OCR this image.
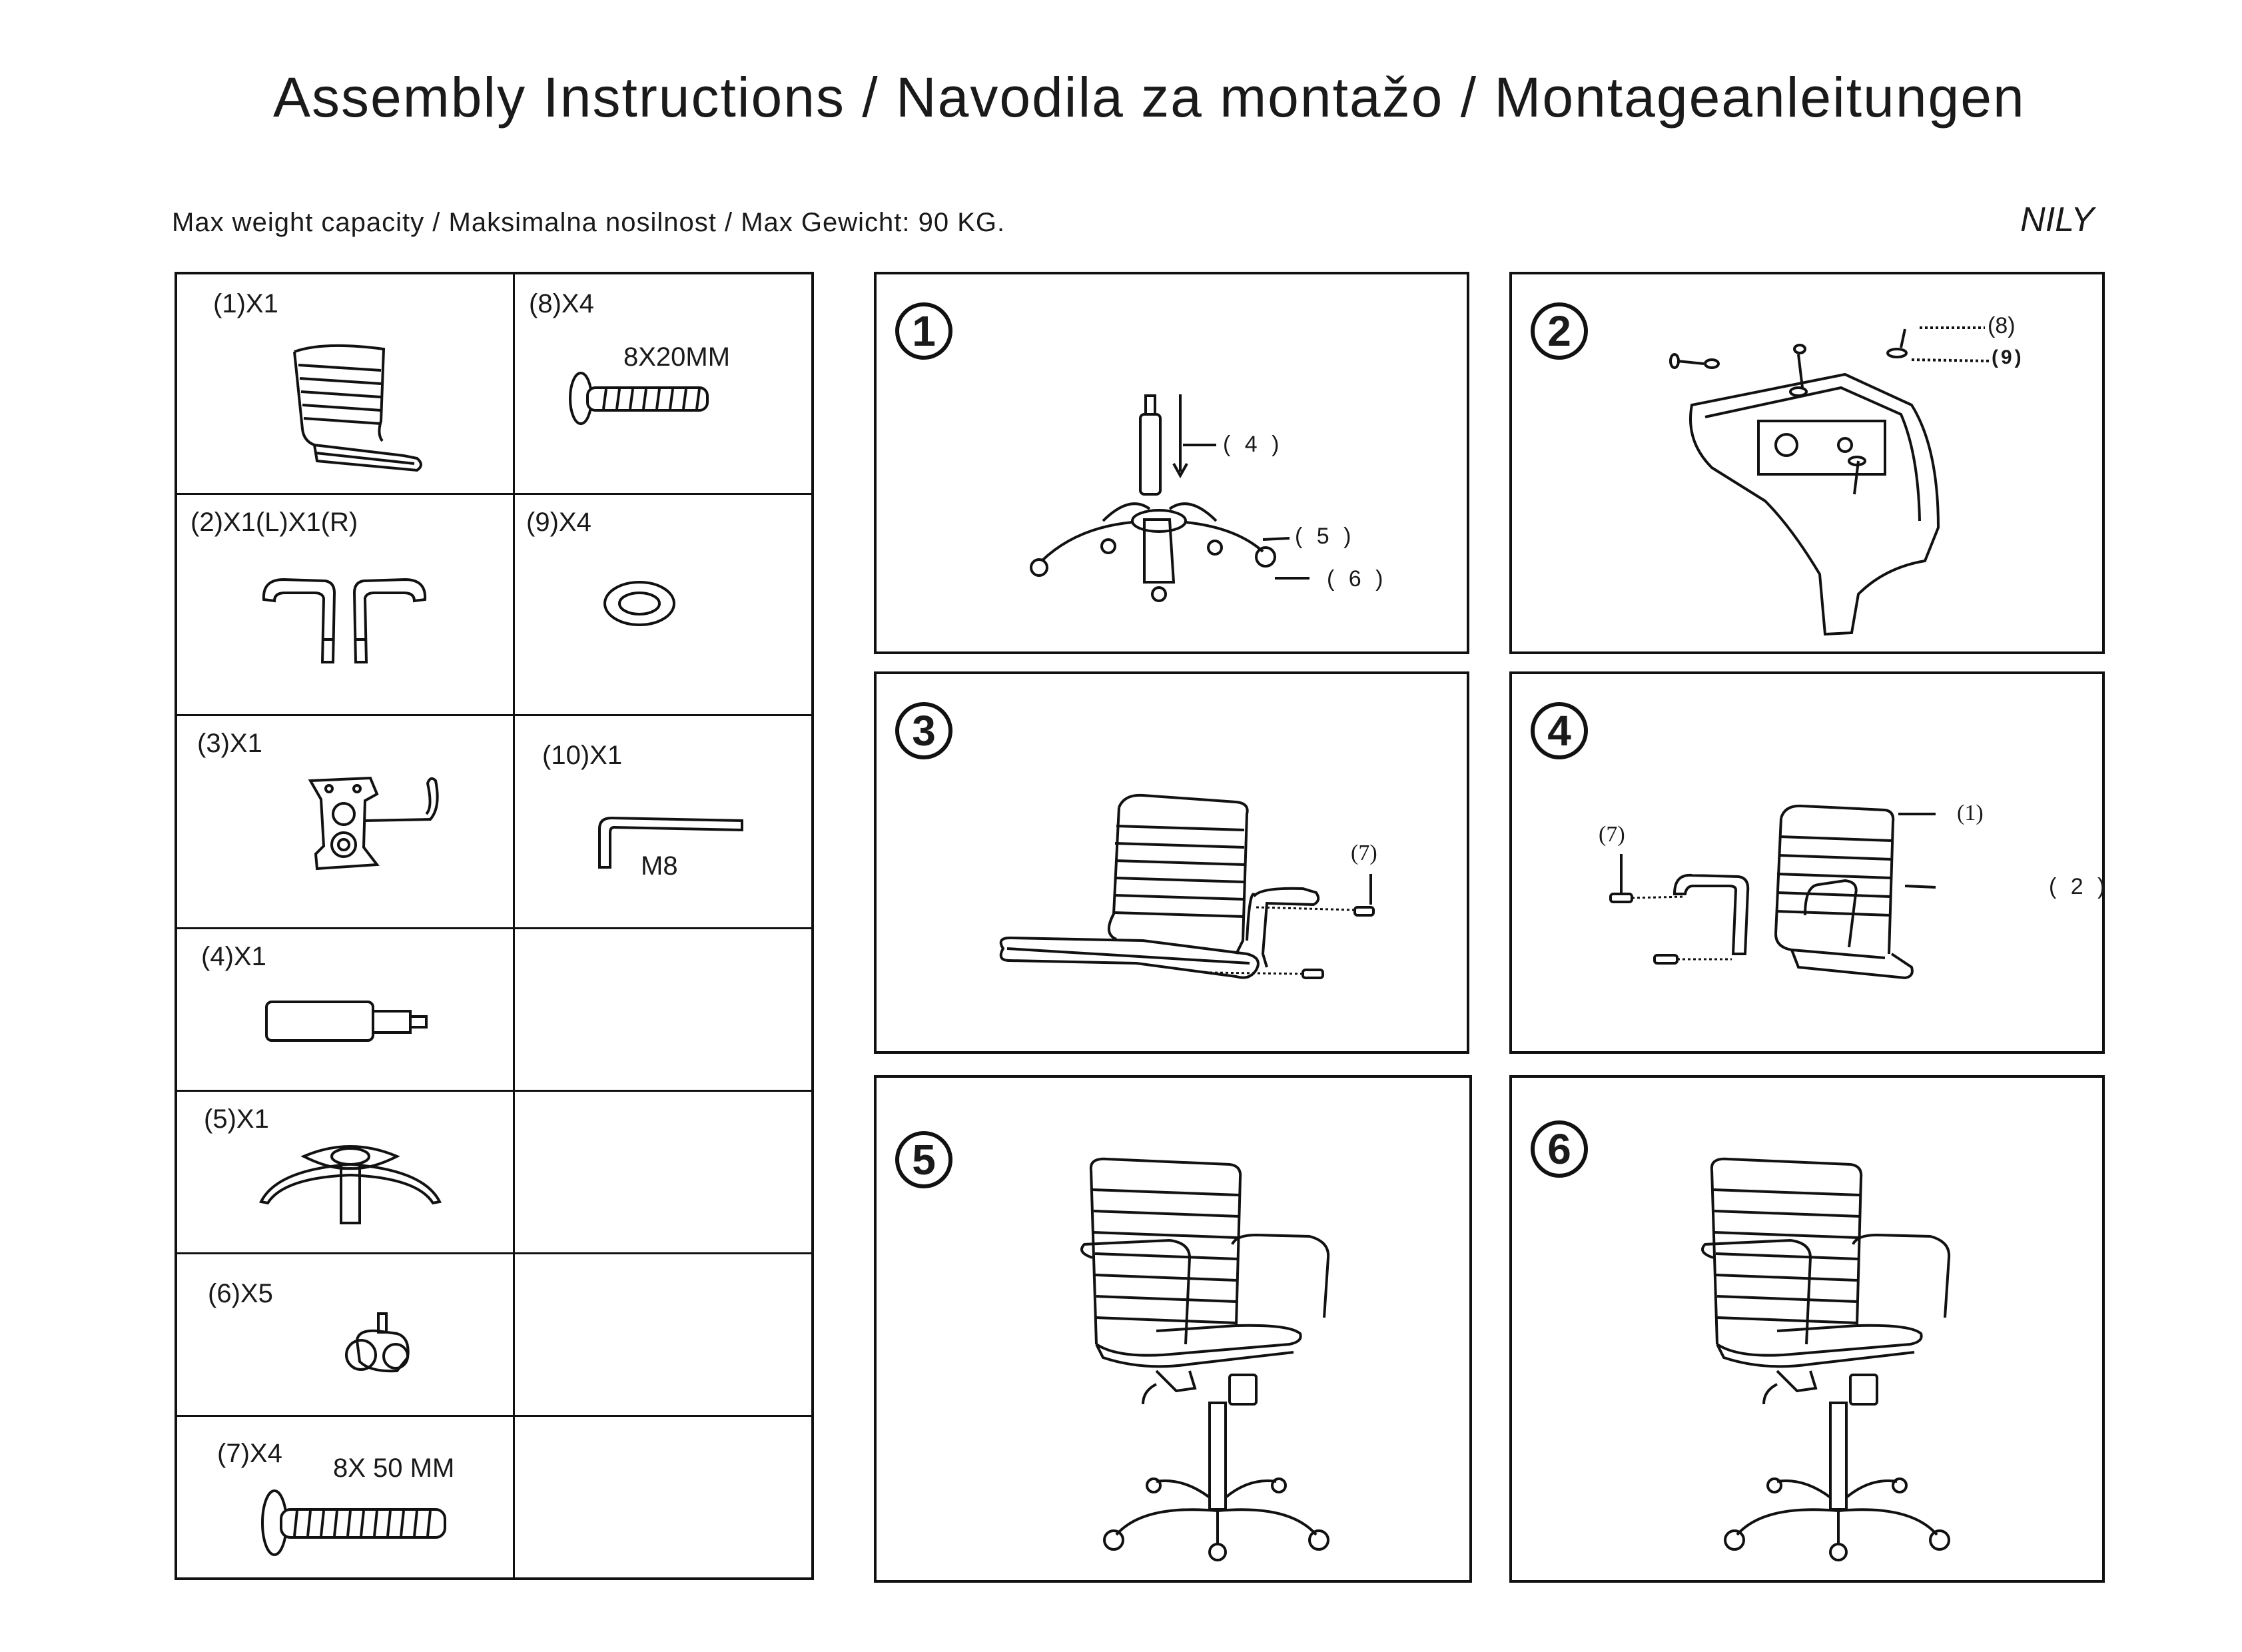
Assembly Instructions / Navodila za montažo / Montageanleitungen
Max weight capacity / Maksimalna nosilnost / Max Gewicht: 90 KG.	NILY
(1)X1	(8)X4
8X20MM
(2)X1(L)X1(R)	(9)X4
(3)X1	(10)X1
M8
(4)X1
(5)X1
(6)X5
(7)X4 8X 50 MM
1
( 4 )
( 5 )
( 6 )
2	(8)
(9)
3
(7)
4
(7)
(1)
( 2 )
5	6
